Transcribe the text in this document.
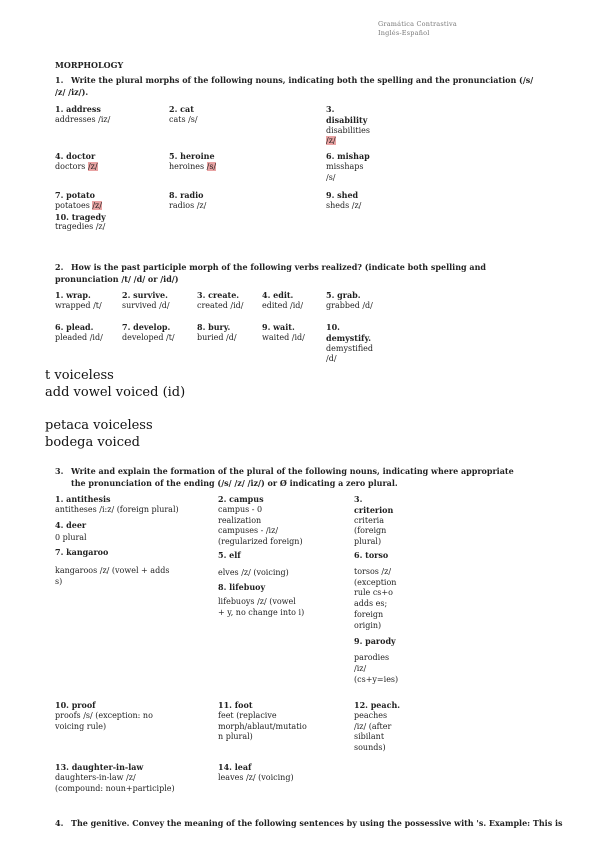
Gramática Contrastiva
Inglés-Español
MORPHOLOGY
1. Write the plural morphs of the following nouns, indicating both the spelling and the pronunciation (/s/ /z/ /iz/).
1. address
addresses /iz/
2. cat
cats /s/
3.
disability
disabilities
/z/
4. doctor
doctors /z/
5. heroine
heroines /s/
6. mishap
misshaps
/s/
7. potato
potatoes /z/
10. tragedy
tragedies /z/
8. radio
radios /z/
9. shed
sheds /z/
2. How is the past participle morph of the following verbs realized? (indicate both spelling and pronunciation /t/ /d/ or /id/)
1. wrap.
wrapped /t/
2. survive.
survived /d/
3. create.
created /id/
4. edit.
edited /id/
5. grab.
grabbed /d/
6. plead.
pleaded /id/
7. develop.
developed /t/
8. bury.
buried /d/
9. wait.
waited /id/
10.
demystify.
demystified
/d/
t voiceless
add vowel voiced (id)
petaca voiceless
bodega voiced
3. Write and explain the formation of the plural of the following nouns, indicating where appropriate
the pronunciation of the ending (/s/ /z/ /iz/) or Ø indicating a zero plural.
1. antithesis
antitheses /i:z/ (foreign plural)
4. deer
0 plural
7. kangaroo
kangaroos /z/ (vowel + adds
s)
2. campus
campus - 0
realization
campuses - /iz/
(regularized foreign)
5. elf
elves /z/ (voicing)
8. lifebuoy
lifebuoys /z/ (vowel
+ y, no change into i)
3.
criterion
criteria
(foreign
plural)
6. torso
torsos /z/
(exception
rule cs+o
adds es;
foreign
origin)
9. parody
parodies
/iz/
(cs+y=ies)
10. proof
proofs /s/ (exception: no
voicing rule)
11. foot
feet (replacive
morph/ablaut/mutatio
n plural)
12. peach.
peaches
/iz/ (after
sibilant
sounds)
13. daughter-in-law
daughters-in-law /z/
(compound: noun+participle)
14. leaf
leaves /z/ (voicing)
4. The genitive. Convey the meaning of the following sentences by using the possessive with 's. Example: This is
